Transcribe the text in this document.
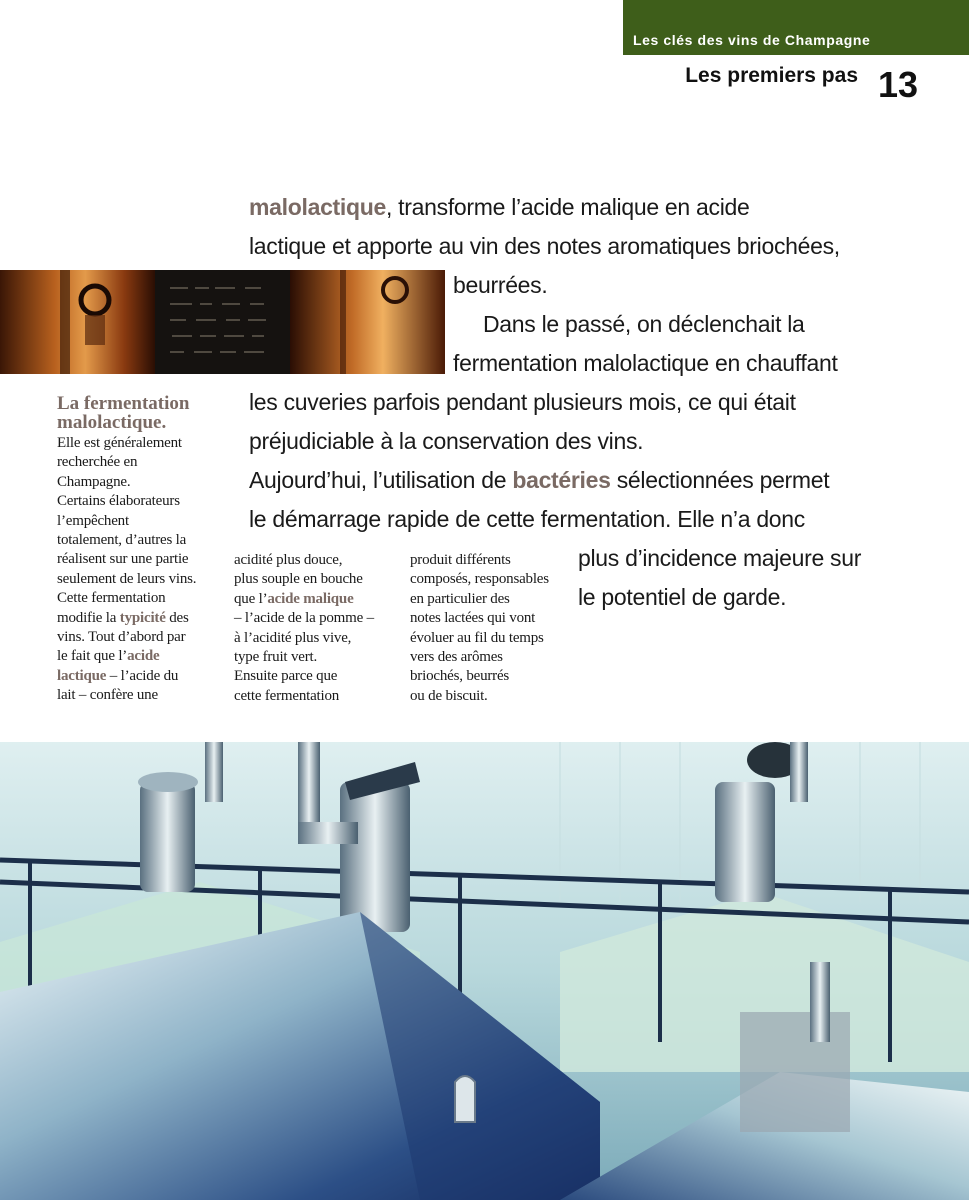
Les clés des vins de Champagne
Les premiers pas 13
malolactique, transforme l’acide malique en acide
lactique et apporte au vin des notes aromatiques briochées,
beurrées.
Dans le passé, on déclenchait la
fermentation malolactique en chauffant
les cuveries parfois pendant plusieurs mois, ce qui était
préjudiciable à la conservation des vins.
Aujourd’hui, l’utilisation de bactéries sélectionnées permet
le démarrage rapide de cette fermentation. Elle n’a donc
plus d’incidence majeure sur
le potentiel de garde.
La fermentation
malolactique.
Elle est généralement
recherchée en
Champagne.
Certains élaborateurs
l’empêchent
totalement, d’autres la
réalisent sur une partie
seulement de leurs vins.
Cette fermentation
modifie la typicité des
vins. Tout d’abord par
le fait que l’acide
lactique – l’acide du
lait – confère une
acidité plus douce,
plus souple en bouche
que l’acide malique
– l’acide de la pomme –
à l’acidité plus vive,
type fruit vert.
Ensuite parce que
cette fermentation
produit différents
composés, responsables
en particulier des
notes lactées qui vont
évoluer au fil du temps
vers des arômes
briochés, beurrés
ou de biscuit.
